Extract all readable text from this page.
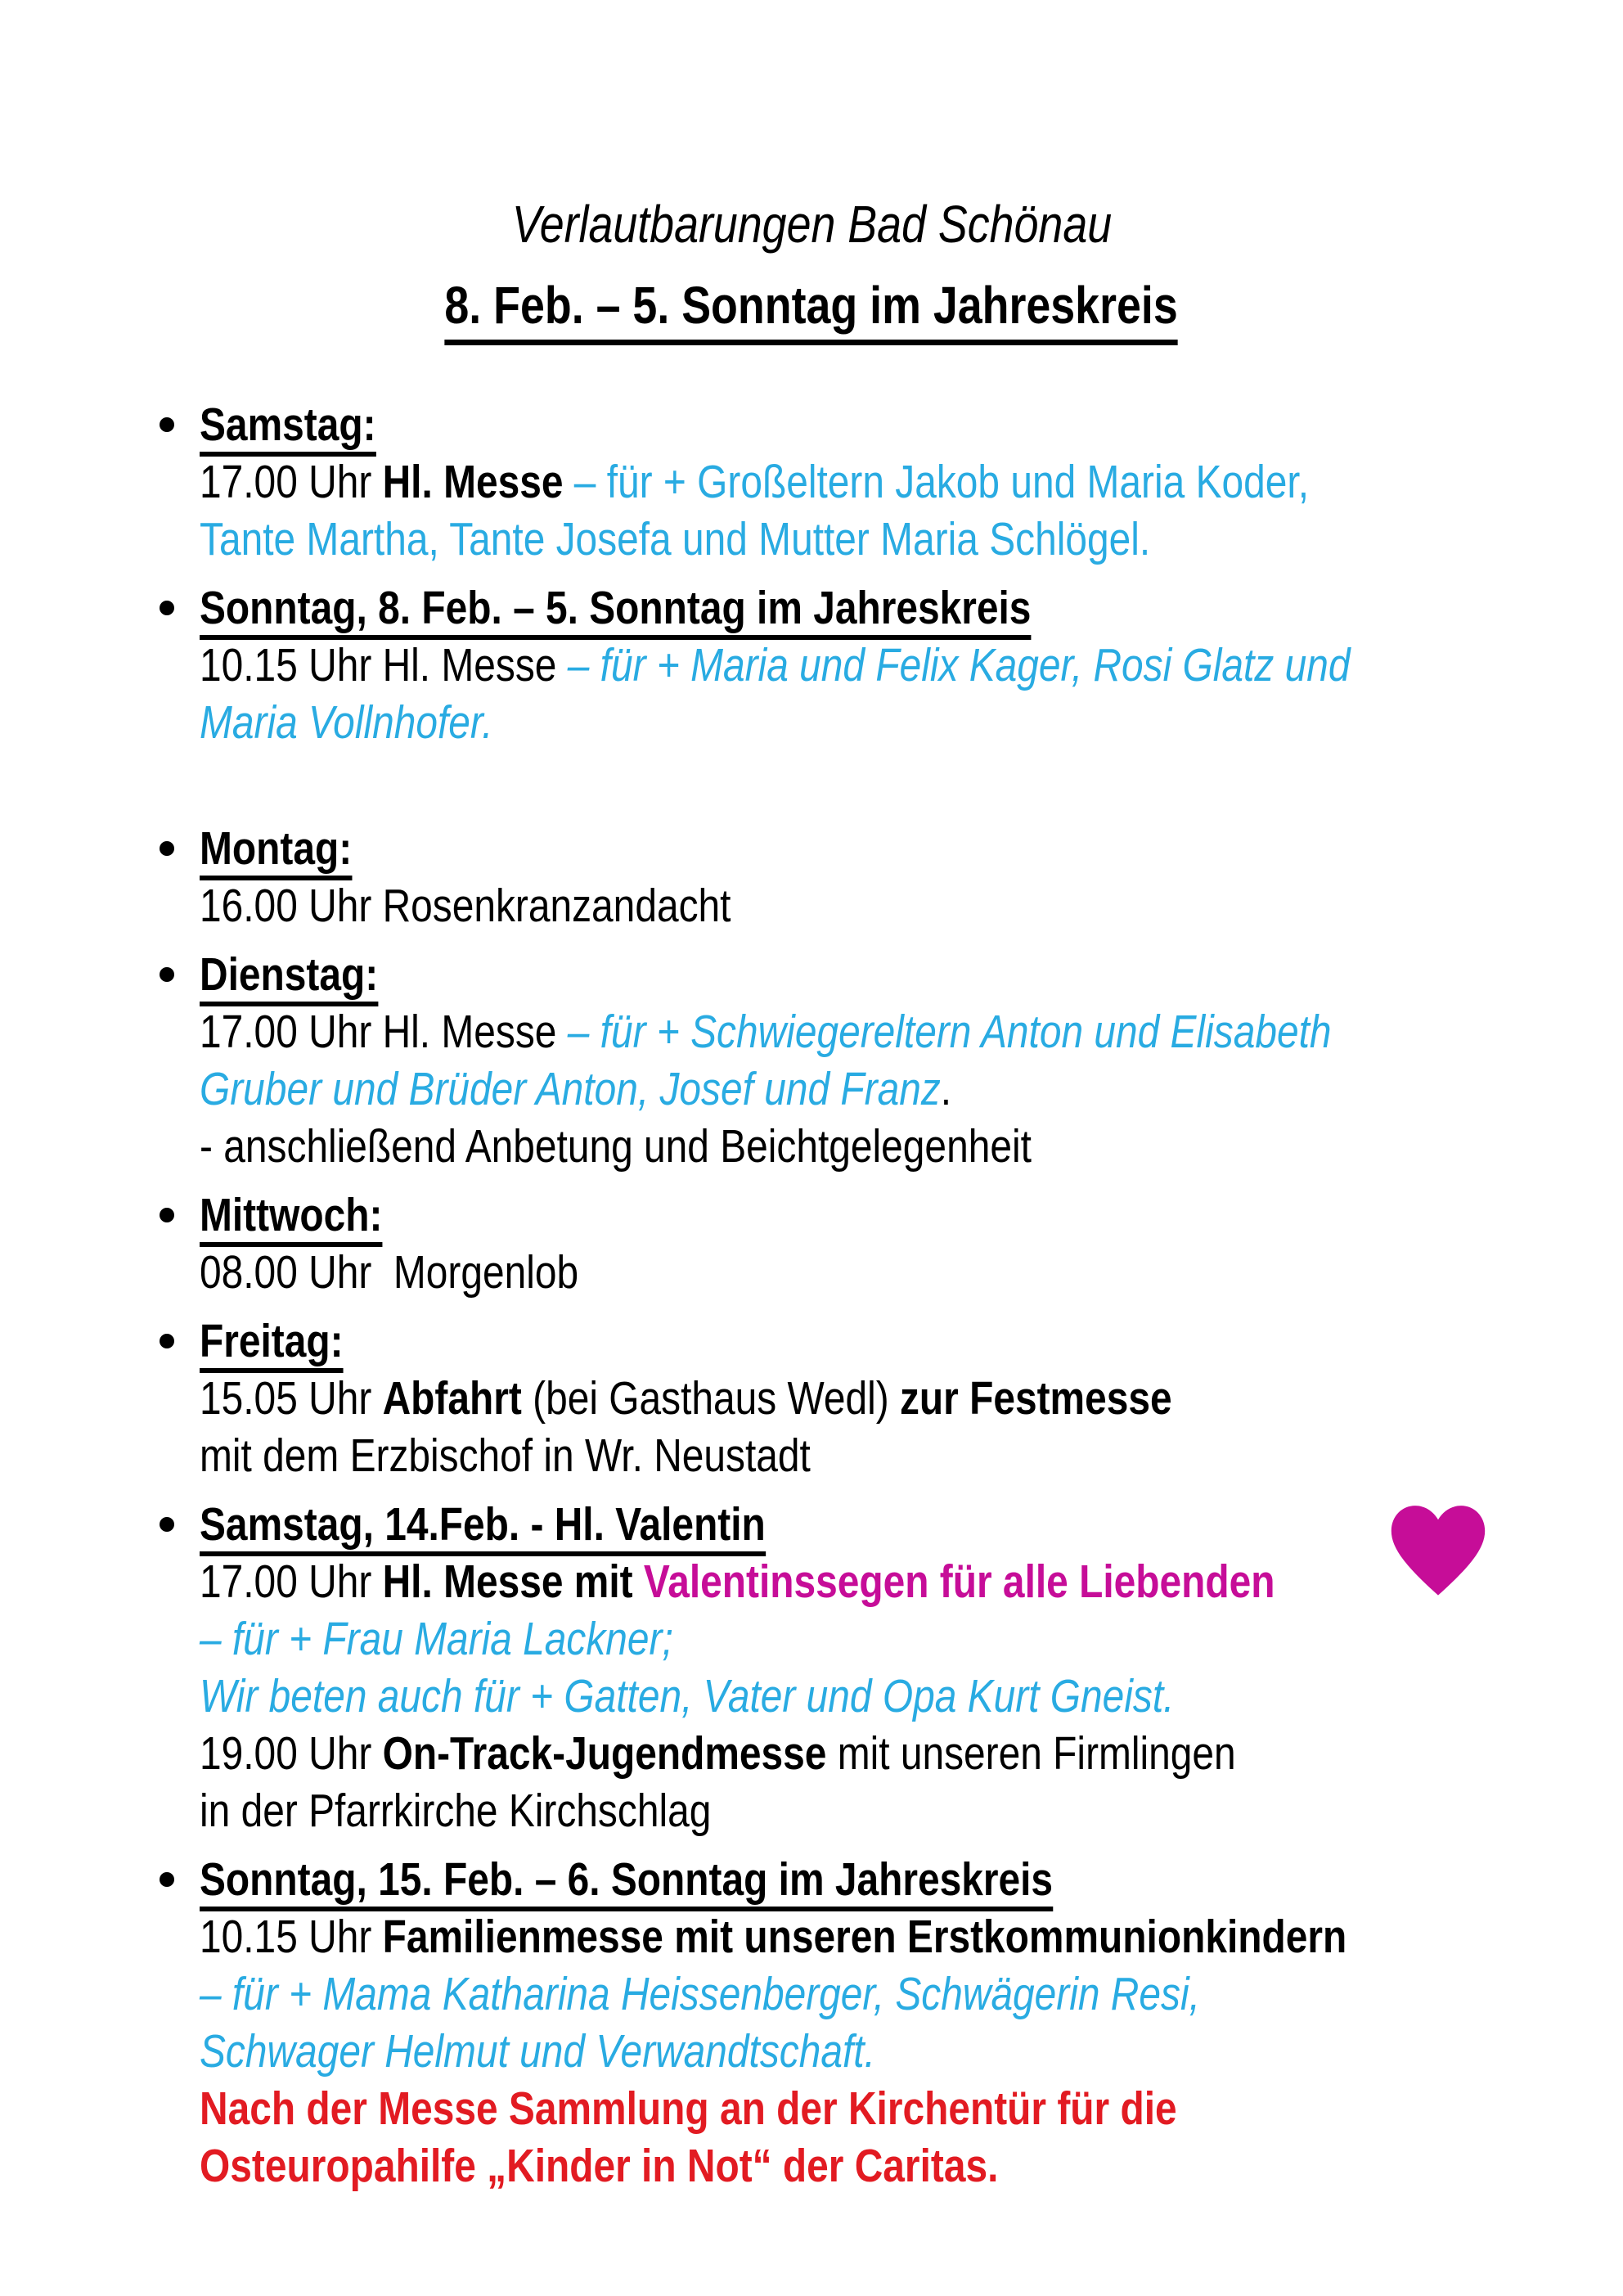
Verlautbarungen Bad Schönau
8. Feb. – 5. Sonntag im Jahreskreis
Samstag:
17.00 Uhr Hl. Messe – für + Großeltern Jakob und Maria Koder,
Tante Martha, Tante Josefa und Mutter Maria Schlögel.
Sonntag, 8. Feb. – 5. Sonntag im Jahreskreis
10.15 Uhr Hl. Messe – für + Maria und Felix Kager, Rosi Glatz und
Maria Vollnhofer.
Montag:
16.00 Uhr Rosenkranzandacht
Dienstag:
17.00 Uhr Hl. Messe – für + Schwiegereltern Anton und Elisabeth
Gruber und Brüder Anton, Josef und Franz.
- anschließend Anbetung und Beichtgelegenheit
Mittwoch:
08.00 Uhr  Morgenlob
Freitag:
15.05 Uhr Abfahrt (bei Gasthaus Wedl) zur Festmesse
mit dem Erzbischof in Wr. Neustadt
Samstag, 14.Feb. - Hl. Valentin
17.00 Uhr Hl. Messe mit Valentinssegen für alle Liebenden
– für + Frau Maria Lackner;
Wir beten auch für + Gatten, Vater und Opa Kurt Gneist.
19.00 Uhr On-Track-Jugendmesse mit unseren Firmlingen
in der Pfarrkirche Kirchschlag
Sonntag, 15. Feb. – 6. Sonntag im Jahreskreis
10.15 Uhr Familienmesse mit unseren Erstkommunionkindern
– für + Mama Katharina Heissenberger, Schwägerin Resi,
Schwager Helmut und Verwandtschaft.
Nach der Messe Sammlung an der Kirchentür für die
Osteuropahilfe „Kinder in Not“ der Caritas.
